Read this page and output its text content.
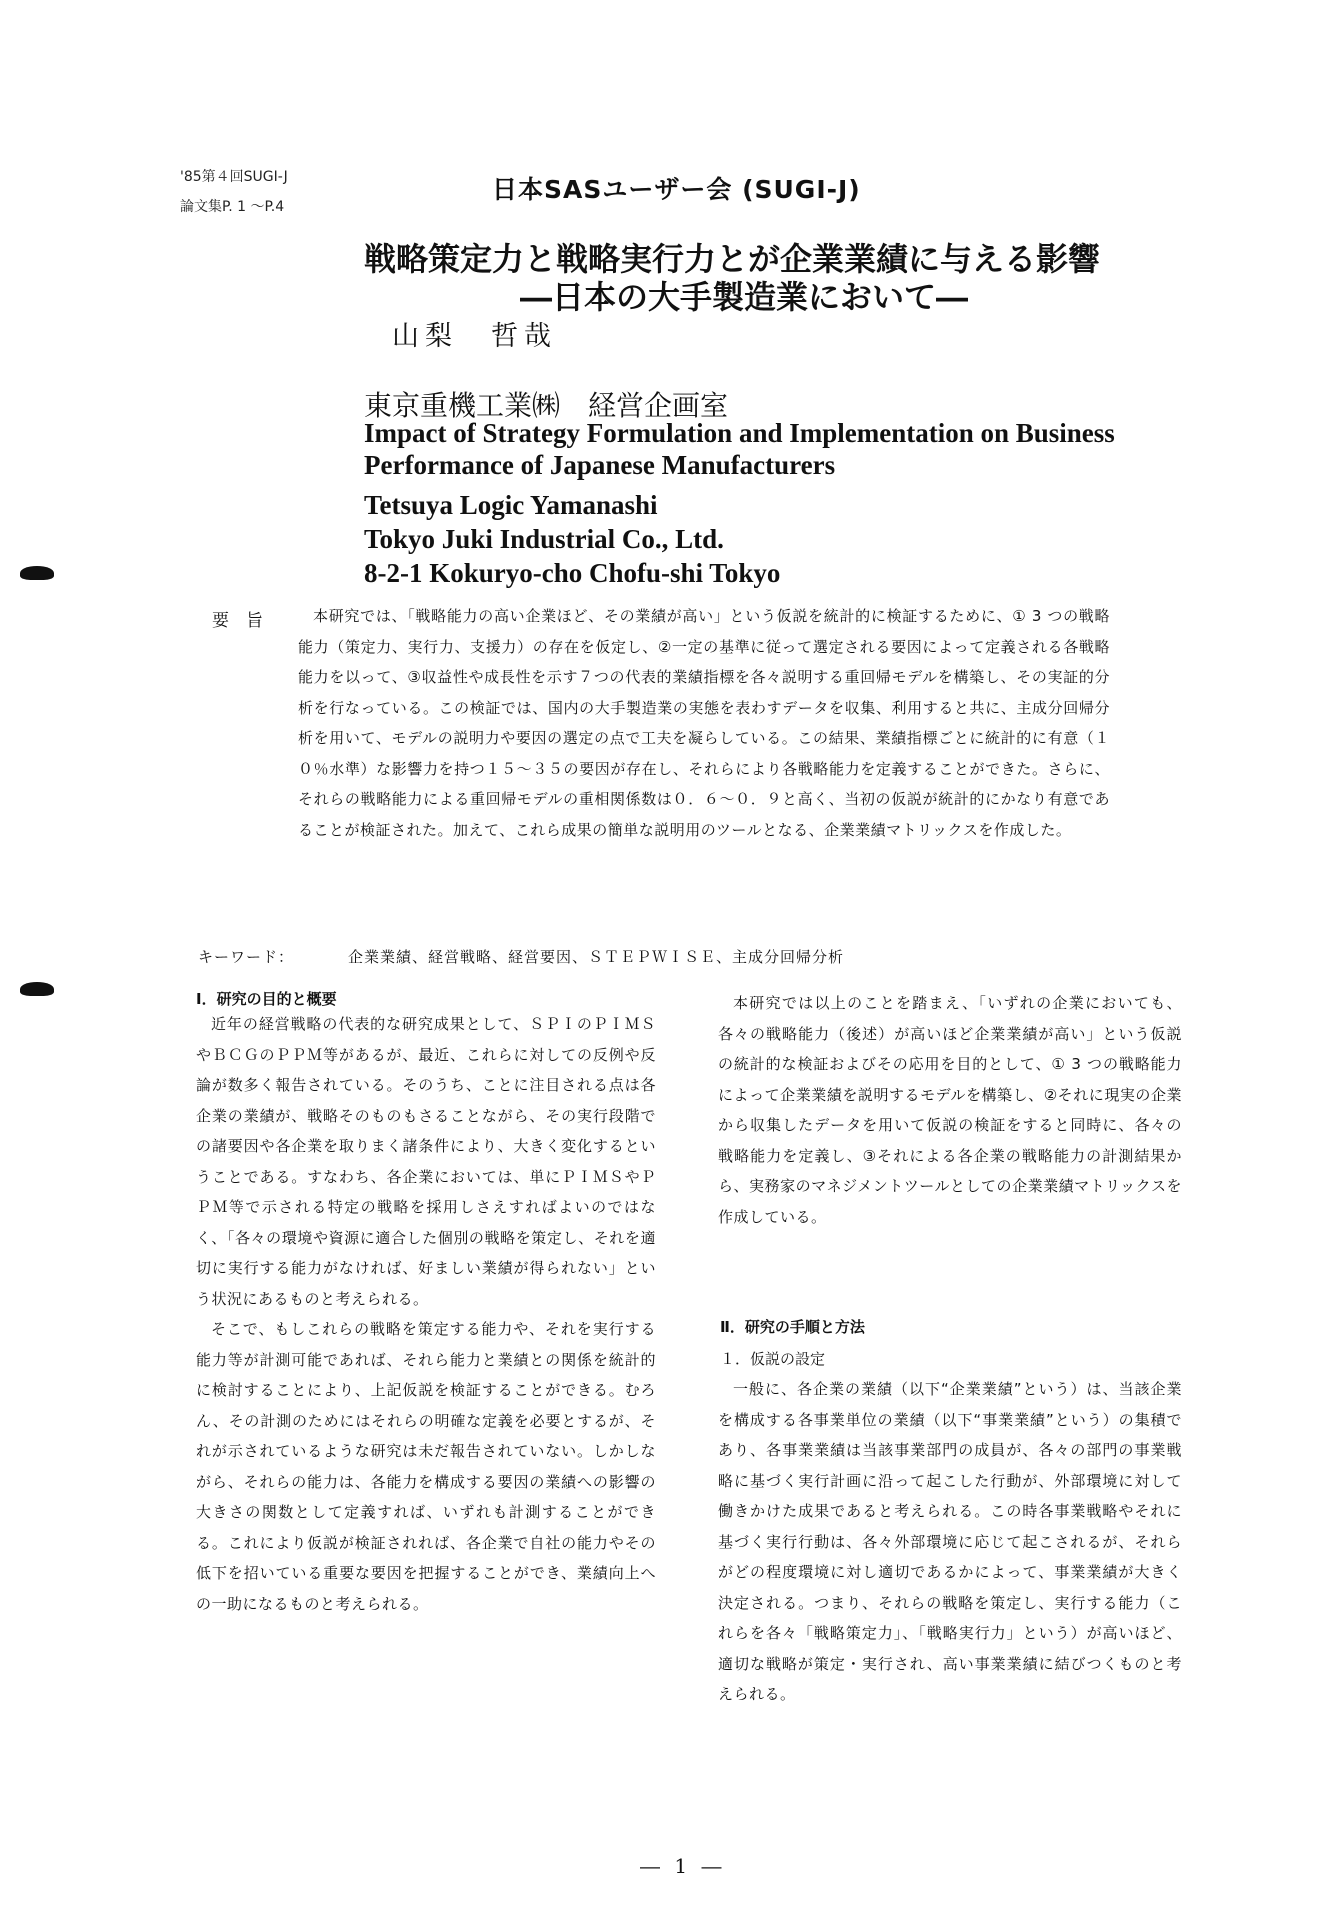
'85第４回SUGI-J
論文集P. 1 ～P.4
日本SASユーザー会 (SUGI-J)
戦略策定力と戦略実行力とが企業業績に与える影響
―日本の大手製造業において―
山梨　哲哉
東京重機工業㈱　経営企画室
Impact of Strategy Formulation and Implementation on Business
Performance of Japanese Manufacturers
Tetsuya Logic Yamanashi
Tokyo Juki Industrial Co., Ltd.
8-2-1 Kokuryo-cho Chofu-shi Tokyo
要　旨	本研究では、「戦略能力の高い企業ほど、その業績が高い」という仮説を統計的に検証するために、① 3 つの戦略能力（策定力、実行力、支援力）の存在を仮定し、②一定の基準に従って選定される要因によって定義される各戦略能力を以って、③収益性や成長性を示す７つの代表的業績指標を各々説明する重回帰モデルを構築し、その実証的分析を行なっている。この検証では、国内の大手製造業の実態を表わすデータを収集、利用すると共に、主成分回帰分析を用いて、モデルの説明力や要因の選定の点で工夫を凝らしている。この結果、業績指標ごとに統計的に有意（１０％水準）な影響力を持つ１５～３５の要因が存在し、それらにより各戦略能力を定義することができた。さらに、それらの戦略能力による重回帰モデルの重相関係数は０．６～０．９と高く、当初の仮説が統計的にかなり有意であることが検証された。加えて、これら成果の簡単な説明用のツールとなる、企業業績マトリックスを作成した。

キーワード：	企業業績、経営戦略、経営要因、ＳＴＥＰＷＩＳＥ、主成分回帰分析
Ⅰ．研究の目的と概要

近年の経営戦略の代表的な研究成果として、ＳＰＩのＰＩＭＳやＢＣＧのＰＰＭ等があるが、最近、これらに対しての反例や反論が数多く報告されている。そのうち、ことに注目される点は各企業の業績が、戦略そのものもさることながら、その実行段階での諸要因や各企業を取りまく諸条件により、大きく変化するということである。すなわち、各企業においては、単にＰＩＭＳやＰＰＭ等で示される特定の戦略を採用しさえすればよいのではなく、「各々の環境や資源に適合した個別の戦略を策定し、それを適切に実行する能力がなければ、好ましい業績が得られない」という状況にあるものと考えられる。

そこで、もしこれらの戦略を策定する能力や、それを実行する能力等が計測可能であれば、それら能力と業績との関係を統計的に検討することにより、上記仮説を検証することができる。むろん、その計測のためにはそれらの明確な定義を必要とするが、それが示されているような研究は未だ報告されていない。しかしながら、それらの能力は、各能力を構成する要因の業績への影響の大きさの関数として定義すれば、いずれも計測することができる。これにより仮説が検証されれば、各企業で自社の能力やその低下を招いている重要な要因を把握することができ、業績向上への一助になるものと考えられる。

本研究では以上のことを踏まえ、「いずれの企業においても、各々の戦略能力（後述）が高いほど企業業績が高い」という仮説の統計的な検証およびその応用を目的として、① 3 つの戦略能力によって企業業績を説明するモデルを構築し、②それに現実の企業から収集したデータを用いて仮説の検証をすると同時に、各々の戦略能力を定義し、③それによる各企業の戦略能力の計測結果から、実務家のマネジメントツールとしての企業業績マトリックスを作成している。

Ⅱ．研究の手順と方法
１．仮説の設定

一般に、各企業の業績（以下“企業業績”という）は、当該企業を構成する各事業単位の業績（以下“事業業績”という）の集積であり、各事業業績は当該事業部門の成員が、各々の部門の事業戦略に基づく実行計画に沿って起こした行動が、外部環境に対して働きかけた成果であると考えられる。この時各事業戦略やそれに基づく実行行動は、各々外部環境に応じて起こされるが、それらがどの程度環境に対し適切であるかによって、事業業績が大きく決定される。つまり、それらの戦略を策定し、実行する能力（これらを各々「戦略策定力」、「戦略実行力」という）が高いほど、適切な戦略が策定・実行され、高い事業業績に結びつくものと考えられる。

― 1 ―
